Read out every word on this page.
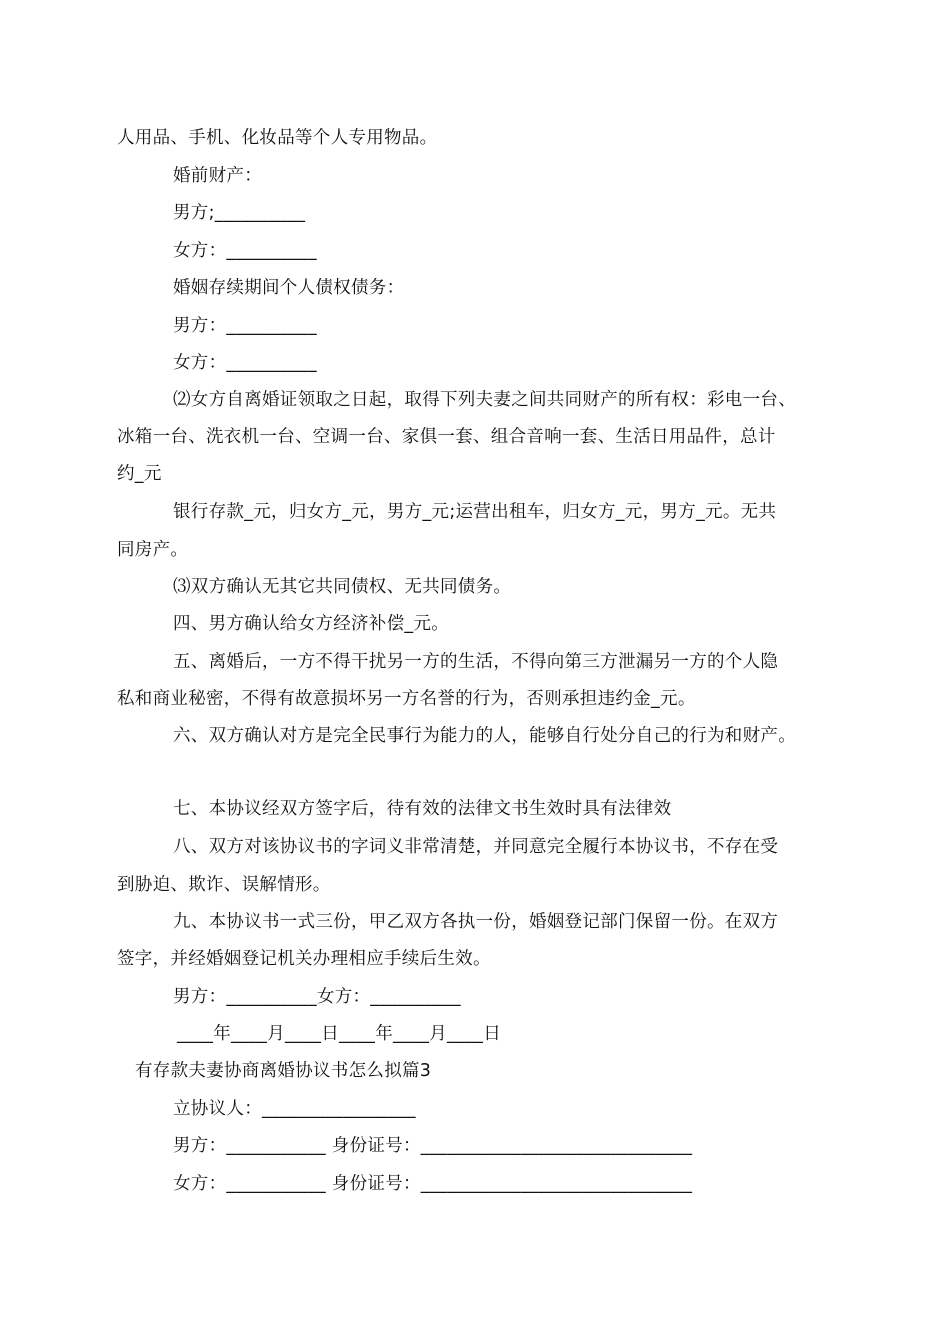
人用品、手机、化妆品等个人专用物品。
婚前财产：
男方;__________
女方：__________
婚姻存续期间个人债权债务：
男方：__________
女方：__________
⑵女方自离婚证领取之日起，取得下列夫妻之间共同财产的所有权：彩电一台、
冰箱一台、洗衣机一台、空调一台、家俱一套、组合音响一套、生活日用品件，总计
约_元
银行存款_元，归女方_元，男方_元;运营出租车，归女方_元，男方_元。无共
同房产。
⑶双方确认无其它共同债权、无共同债务。
四、男方确认给女方经济补偿_元。
五、离婚后，一方不得干扰另一方的生活，不得向第三方泄漏另一方的个人隐
私和商业秘密，不得有故意损坏另一方名誉的行为，否则承担违约金_元。
六、双方确认对方是完全民事行为能力的人，能够自行处分自己的行为和财产。
七、本协议经双方签字后，待有效的法律文书生效时具有法律效
八、双方对该协议书的字词义非常清楚，并同意完全履行本协议书，不存在受
到胁迫、欺诈、误解情形。
九、本协议书一式三份，甲乙双方各执一份，婚姻登记部门保留一份。在双方
签字，并经婚姻登记机关办理相应手续后生效。
男方：__________女方：__________
____年____月____日____年____月____日
有存款夫妻协商离婚协议书怎么拟篇3
立协议人：_________________
男方：___________ 身份证号：______________________________
女方：___________ 身份证号：______________________________
